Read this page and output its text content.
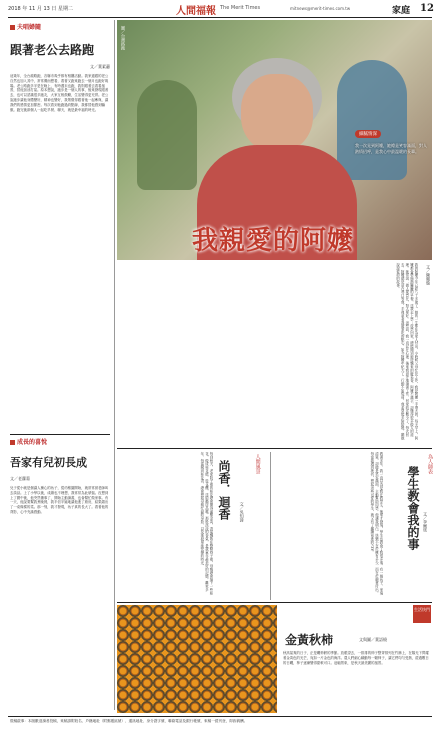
2018 年 11 月 13 日 星期二	人間福報 The Merit Times	mitnews@merit-times.com.tw	家庭 12
夫唱婦隨
跟著老公去路跑
文／葉素蕙
這幾年，全台瘋路跑，各縣市幾乎都有相關活動。我家還跟的老公自然也加入其中，常常偶而想看，看著又跑來跑去一個月也跑好幾場。老公路跑多半是在晚上，有時週末也跑，我則跟著去看看風景，替他加油打氣。原本想說，跑步是一個人的事，後來發現跟著去，也可以認識很多跑友，大家互相鼓勵，生活變得更充實。老公說跑步讓他身體變好，精神也變好，我則覺得跟著他一起參與，讓我們的感情更加緊密。每次看到他跑過終點線，我都替他感到驕傲。跑完後兩個人一起吃早餐、聊天，就是最幸福的時光。
成長的喜悅
吾家有兒初長成
文／老蘿蔔
兒子從小就是個讓人操心的孩子，從幼稚園開始，就常常被老師叫去談話。上了小學以後，成績也不理想，我常常為此煩惱。沒想到上了國中後，他突然懂事了，開始主動讀書，也會幫忙做家事。有一天，他說要幫我煮晚餐，我半信半疑地讓他進了廚房，結果端出了一桌像樣的菜。那一刻，我才發現，孩子真的長大了。看著他的背影，心中充滿感動。
圖／台灣路跑
細膩情深
我一次見到阿嬤，她總是笑容滿面，對人熱情招呼，是我心中最溫暖的長輩。
我親愛的阿嬤
文／陳珮璇
我的阿嬤今年已經八十多歲了，她的一生都在為家人付出。小時候父母忙於工作，我是阿嬤一手帶大的。每天早上，阿嬤都會準備熱騰騰的早餐，送我去上學；放學回家，總能聞到廚房飄來的飯菜香。阿嬤不識字，卻懂得很多做人的道理。她常說：做人要實在，對人要好。這些話，我一直記在心裡。後來我到外地讀書工作，回家的次數少了，每次回去，阿嬤總是站在巷口等我，手裡拿著我最愛吃的點心。如今阿嬤年紀大了，行動不如從前，我希望能多陪陪她，聽她說說從前的故事。
尚香．迴香	人間風景
文／吳知諦
每到秋天，老家院子裡的桂花總會開得滿樹金黃，香氣飄散在整條巷子裡。母親總會摘下一些桂花，做成桂花糕、桂花釀，送給鄰居品嚐。那股淡淡的香氣，是我童年最美好的記憶。離家多年，每當聞到桂花香，總會想起母親忙碌的身影，以及那段單純快樂的時光。	為人師表
學生教會我的事 文／李爾瑤
教書多年，我一直以為是我在教學生，後來才發現，學生也教會了我很多事。有一個孩子，家境清寒，卻總是笑容滿面，主動幫助同學。他讓我明白，快樂不在於擁有多少，而在於願意付出。每當我遇到挫折，想起這些可愛的學生，就又有了繼續前進的力量。
生活快門
金黃秋柿	文與圖／葉語燒
秋高氣爽的日子，正是曬柿餅的季節。放眼望去，一排排的柿子整齊排列在竹篩上，在陽光下閃耀著金黃色的光芒，宛如一片金色的海洋。農人們細心翻動每一顆柿子，讓它們均勻受熱，經過數日的日曬，柿子逐漸變得甜軟可口。這幅景象，是秋天最美麗的風景。
徵稿啟事：本版歡迎讀者投稿，來稿請附姓名、戶籍地址（附郵遞區號）、通訊地址、身分證字號、聯絡電話及銀行帳號，來稿一經刊登，即致稿酬。
